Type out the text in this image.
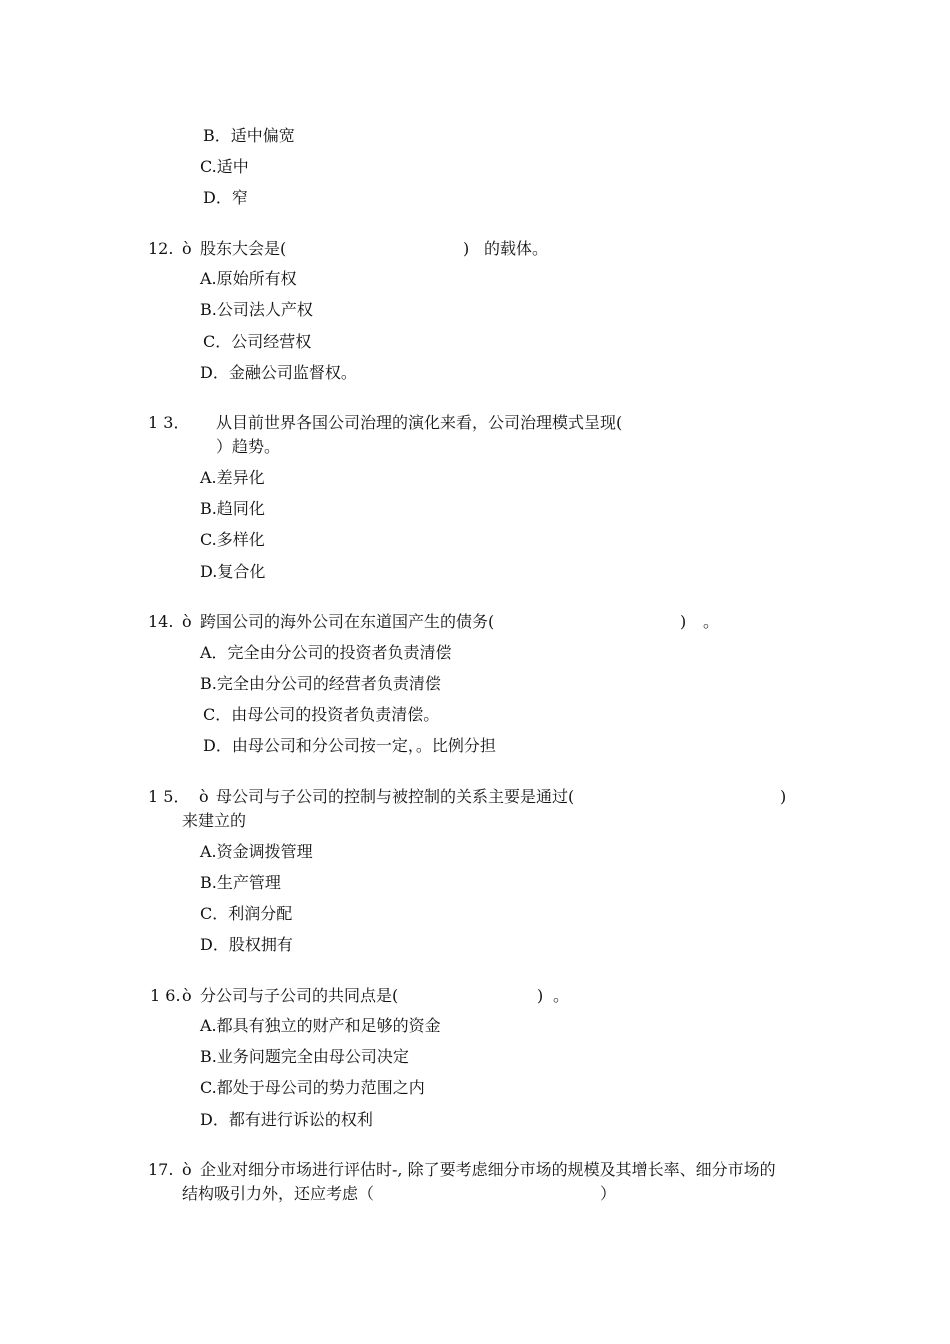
B．适中偏宽
C.适中
D．窄
12. ò 股东大会是(	) 的载体。
A.原始所有权
B.公司法人产权
C．公司经营权
D．金融公司监督权。
1 3． 从目前世界各国公司治理的演化来看，公司治理模式呈现(
）趋势。
A.差异化
B.趋同化
C.多样化
D.复合化
14. ò 跨国公司的海外公司在东道国产生的债务(	) 。
A．完全由分公司的投资者负责清偿
B.完全由分公司的经营者负责清偿
C．由母公司的投资者负责清偿。
D．由母公司和分公司按一定，。比例分担
1 5． ò 母公司与子公司的控制与被控制的关系主要是通过(	)
来建立的
A.资金调拨管理
B.生产管理
C．利润分配
D．股权拥有
1 6. ò 分公司与子公司的共同点是(	) 。
A.都具有独立的财产和足够的资金
B.业务问题完全由母公司决定
C.都处于母公司的势力范围之内
D．都有进行诉讼的权利
17. ò 企业对细分市场进行评估时-, 除了要考虑细分市场的规模及其增长率、细分市场的
结构吸引力外，还应考虑（	）
